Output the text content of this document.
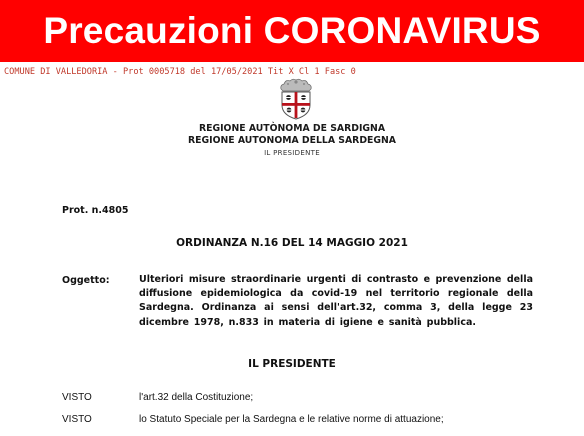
Precauzioni CORONAVIRUS
COMUNE DI VALLEDORIA - Prot 0005718 del 17/05/2021 Tit X Cl 1 Fasc 0
REGIONE AUTÒNOMA DE SARDIGNA
REGIONE AUTONOMA DELLA SARDEGNA
IL PRESIDENTE
Prot. n.4805
ORDINANZA N.16 DEL 14 MAGGIO 2021
Oggetto:	Ulteriori misure straordinarie urgenti di contrasto e prevenzione della diffusione epidemiologica da covid-19 nel territorio regionale della Sardegna. Ordinanza ai sensi dell'art.32, comma 3, della legge 23 dicembre 1978, n.833 in materia di igiene e sanità pubblica.
IL PRESIDENTE
VISTO	l'art.32 della Costituzione;
VISTO	lo Statuto Speciale per la Sardegna e le relative norme di attuazione;
